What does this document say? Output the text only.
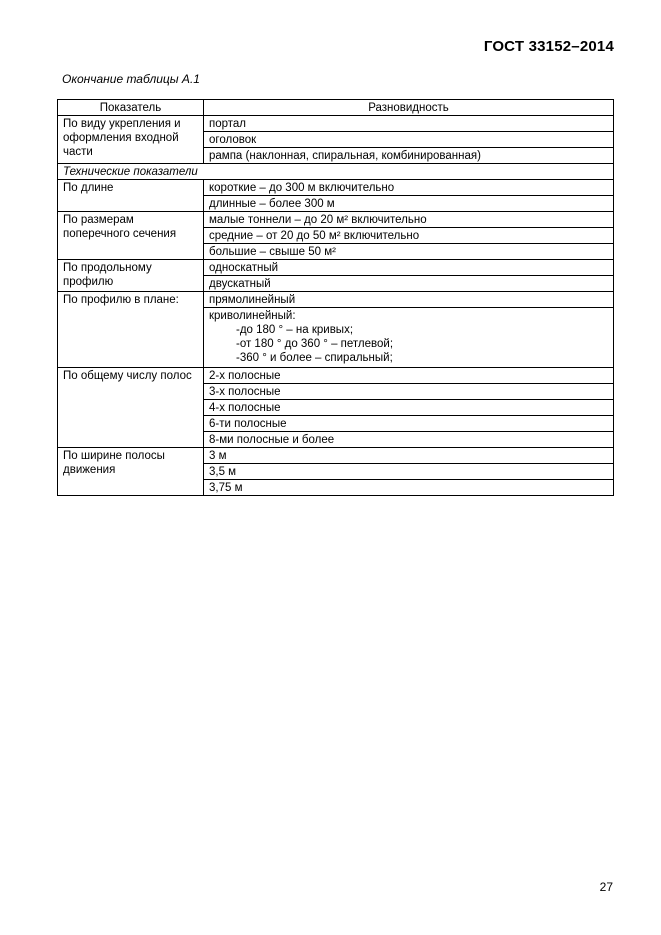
ГОСТ 33152–2014
Окончание таблицы А.1
Показатель	Разновидность
По виду укрепления и оформления входной части	портал
	оголовок
	рампа (наклонная, спиральная, комбинированная)
Технические показатели	
По длине	короткие – до 300 м включительно
	длинные – более 300 м
По размерам поперечного сечения	малые тоннели – до 20 м² включительно
	средние – от 20 до 50 м² включительно
	большие – свыше 50 м²
По продольному профилю	односкатный
	двускатный
По профилю в плане:	прямолинейный

	криволинейный:
-до 180 ° – на кривых;
-от 180 ° до 360 ° – петлевой;
-360 ° и более – спиральный;

По общему числу полос	2-х полосные
	3-х полосные
	4-х полосные
	6-ти полосные
	8-ми полосные и более
По ширине полосы движения	3 м
	3,5 м
	3,75 м
27
